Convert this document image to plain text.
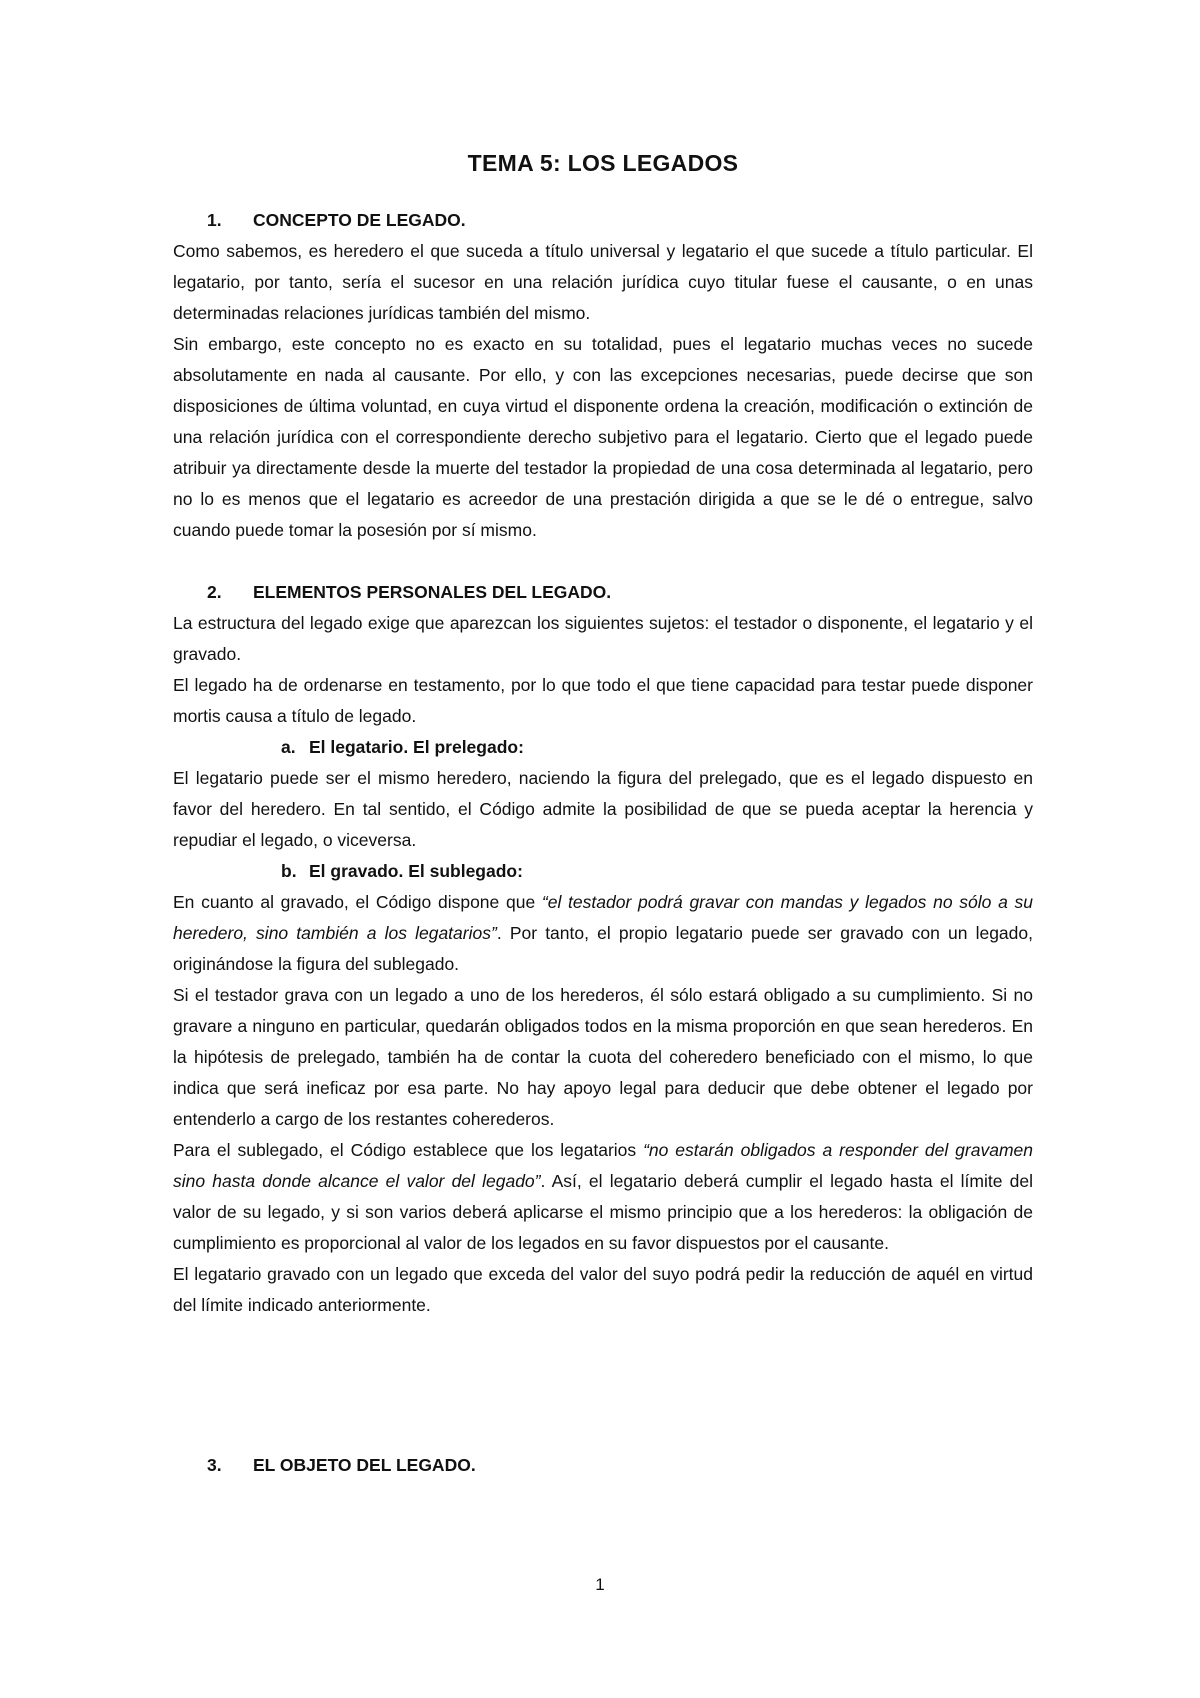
TEMA 5: LOS LEGADOS
1. CONCEPTO DE LEGADO.

Como sabemos, es heredero el que suceda a título universal y legatario el que sucede a título particular. El legatario, por tanto, sería el sucesor en una relación jurídica cuyo titular fuese el causante, o en unas determinadas relaciones jurídicas también del mismo.

Sin embargo, este concepto no es exacto en su totalidad, pues el legatario muchas veces no sucede absolutamente en nada al causante. Por ello, y con las excepciones necesarias, puede decirse que son disposiciones de última voluntad, en cuya virtud el disponente ordena la creación, modificación o extinción de una relación jurídica con el correspondiente derecho subjetivo para el legatario. Cierto que el legado puede atribuir ya directamente desde la muerte del testador la propiedad de una cosa determinada al legatario, pero no lo es menos que el legatario es acreedor de una prestación dirigida a que se le dé o entregue, salvo cuando puede tomar la posesión por sí mismo.

2. ELEMENTOS PERSONALES DEL LEGADO.

La estructura del legado exige que aparezcan los siguientes sujetos: el testador o disponente, el legatario y el gravado.

El legado ha de ordenarse en testamento, por lo que todo el que tiene capacidad para testar puede disponer mortis causa a título de legado.

a. El legatario. El prelegado:

El legatario puede ser el mismo heredero, naciendo la figura del prelegado, que es el legado dispuesto en favor del heredero. En tal sentido, el Código admite la posibilidad de que se pueda aceptar la herencia y repudiar el legado, o viceversa.

b. El gravado. El sublegado:

En cuanto al gravado, el Código dispone que “el testador podrá gravar con mandas y legados no sólo a su heredero, sino también a los legatarios”. Por tanto, el propio legatario puede ser gravado con un legado, originándose la figura del sublegado.

Si el testador grava con un legado a uno de los herederos, él sólo estará obligado a su cumplimiento. Si no gravare a ninguno en particular, quedarán obligados todos en la misma proporción en que sean herederos. En la hipótesis de prelegado, también ha de contar la cuota del coheredero beneficiado con el mismo, lo que indica que será ineficaz por esa parte. No hay apoyo legal para deducir que debe obtener el legado por entenderlo a cargo de los restantes coherederos.

Para el sublegado, el Código establece que los legatarios “no estarán obligados a responder del gravamen sino hasta donde alcance el valor del legado”. Así, el legatario deberá cumplir el legado hasta el límite del valor de su legado, y si son varios deberá aplicarse el mismo principio que a los herederos: la obligación de cumplimiento es proporcional al valor de los legados en su favor dispuestos por el causante.

El legatario gravado con un legado que exceda del valor del suyo podrá pedir la reducción de aquél en virtud del límite indicado anteriormente.

3. EL OBJETO DEL LEGADO.
1
